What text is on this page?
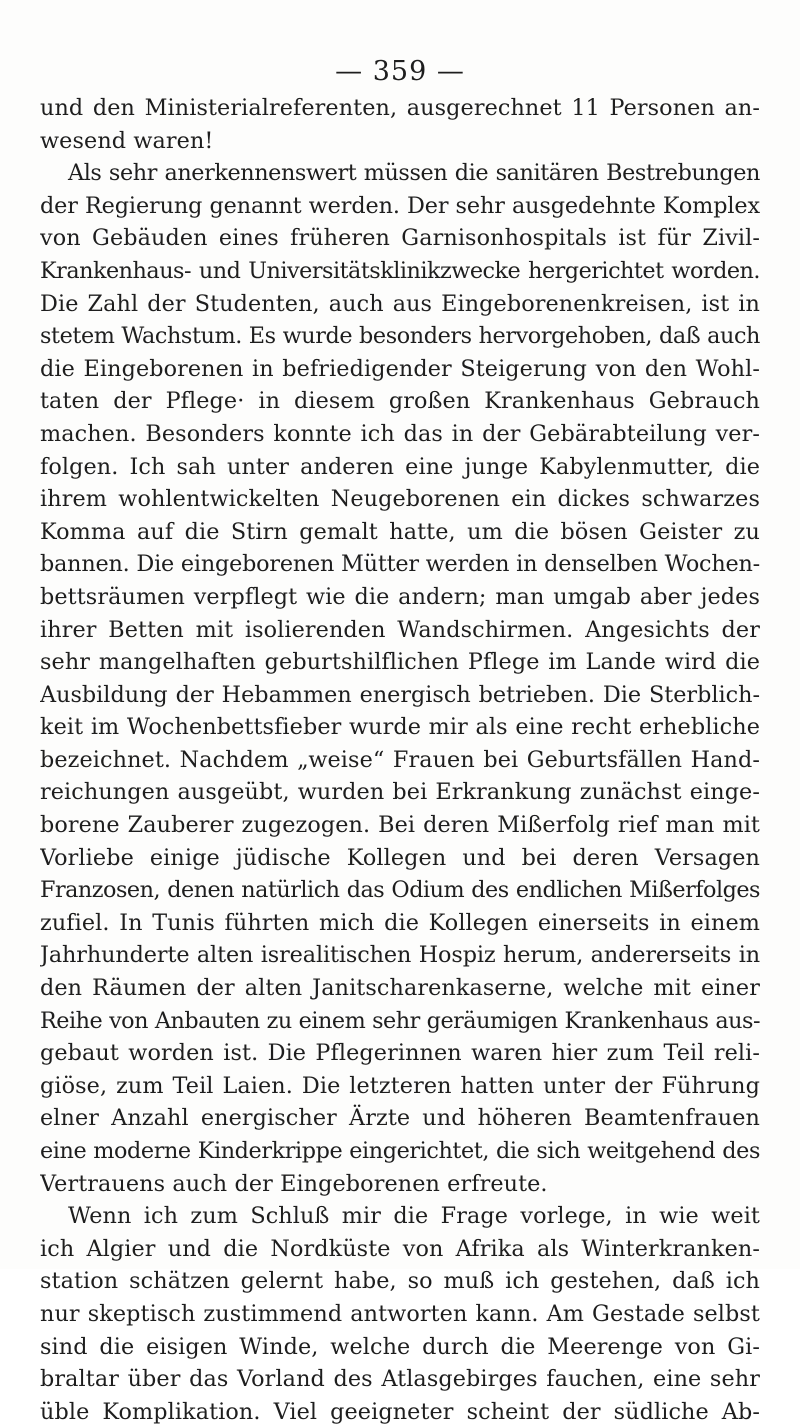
— 359 —
und den Ministerialreferenten, ausgerechnet 11 Personen an-
wesend waren!
Als sehr anerkennenswert müssen die sanitären Bestrebungen
der Regierung genannt werden. Der sehr ausgedehnte Komplex
von Gebäuden eines früheren Garnisonhospitals ist für Zivil-
Krankenhaus- und Universitätsklinikzwecke hergerichtet worden.
Die Zahl der Studenten, auch aus Eingeborenenkreisen, ist in
stetem Wachstum. Es wurde besonders hervorgehoben, daß auch
die Eingeborenen in befriedigender Steigerung von den Wohl-
taten der Pflege· in diesem großen Krankenhaus Gebrauch
machen. Besonders konnte ich das in der Gebärabteilung ver-
folgen. Ich sah unter anderen eine junge Kabylenmutter, die
ihrem wohlentwickelten Neugeborenen ein dickes schwarzes
Komma auf die Stirn gemalt hatte, um die bösen Geister zu
bannen. Die eingeborenen Mütter werden in denselben Wochen-
bettsräumen verpflegt wie die andern; man umgab aber jedes
ihrer Betten mit isolierenden Wandschirmen. Angesichts der
sehr mangelhaften geburtshilflichen Pflege im Lande wird die
Ausbildung der Hebammen energisch betrieben. Die Sterblich-
keit im Wochenbettsfieber wurde mir als eine recht erhebliche
bezeichnet. Nachdem „weise“ Frauen bei Geburtsfällen Hand-
reichungen ausgeübt, wurden bei Erkrankung zunächst einge-
borene Zauberer zugezogen. Bei deren Mißerfolg rief man mit
Vorliebe einige jüdische Kollegen und bei deren Versagen
Franzosen, denen natürlich das Odium des endlichen Mißerfolges
zufiel. In Tunis führten mich die Kollegen einerseits in einem
Jahrhunderte alten isrealitischen Hospiz herum, andererseits in
den Räumen der alten Janitscharenkaserne, welche mit einer
Reihe von Anbauten zu einem sehr geräumigen Krankenhaus aus-
gebaut worden ist. Die Pflegerinnen waren hier zum Teil reli-
giöse, zum Teil Laien. Die letzteren hatten unter der Führung
elner Anzahl energischer Ärzte und höheren Beamtenfrauen
eine moderne Kinderkrippe eingerichtet, die sich weitgehend des
Vertrauens auch der Eingeborenen erfreute.
Wenn ich zum Schluß mir die Frage vorlege, in wie weit
ich Algier und die Nordküste von Afrika als Winterkranken-
station schätzen gelernt habe, so muß ich gestehen, daß ich
nur skeptisch zustimmend antworten kann. Am Gestade selbst
sind die eisigen Winde, welche durch die Meerenge von Gi-
braltar über das Vorland des Atlasgebirges fauchen, eine sehr
üble Komplikation. Viel geeigneter scheint der südliche Ab-
